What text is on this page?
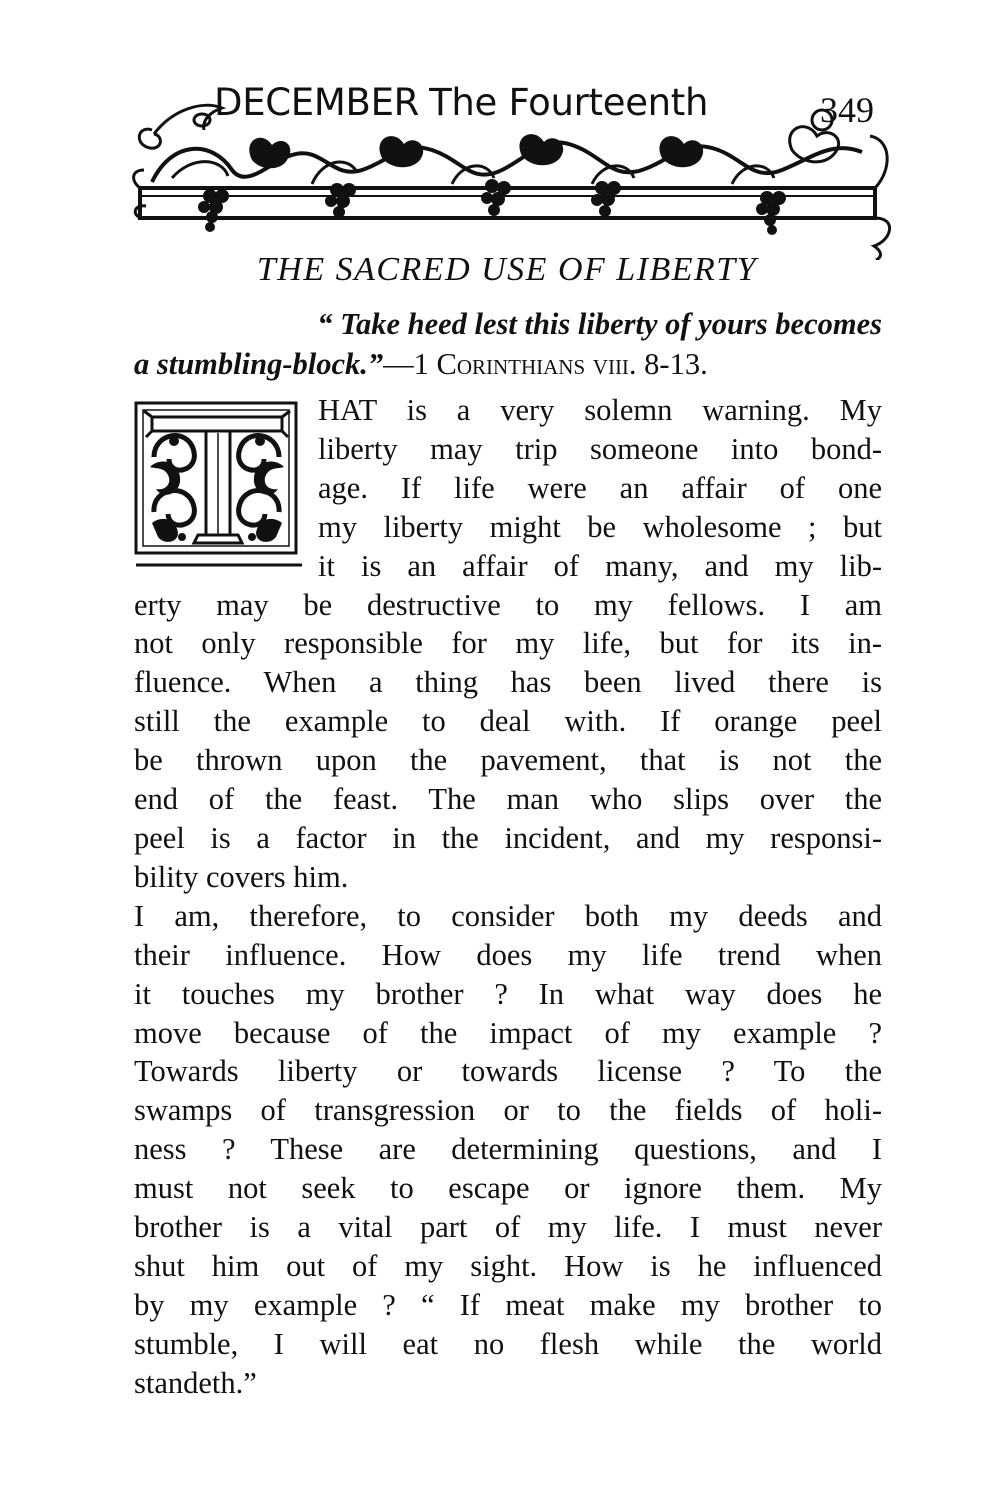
DECEMBER The Fourteenth	349
THE SACRED USE OF LIBERTY
“ Take heed lest this liberty of yours becomes
a stumbling-block.”—1 Corinthians viii. 8-13.
HAT is a very solemn warning. My
liberty may trip someone into bond-
age. If life were an affair of one
my liberty might be wholesome ; but
it is an affair of many, and my lib-
erty may be destructive to my fellows. I am
not only responsible for my life, but for its in-
fluence. When a thing has been lived there is
still the example to deal with. If orange peel
be thrown upon the pavement, that is not the
end of the feast. The man who slips over the
peel is a factor in the incident, and my responsi-
bility covers him.
I am, therefore, to consider both my deeds and
their influence. How does my life trend when
it touches my brother ? In what way does he
move because of the impact of my example ?
Towards liberty or towards license ? To the
swamps of transgression or to the fields of holi-
ness ? These are determining questions, and I
must not seek to escape or ignore them. My
brother is a vital part of my life. I must never
shut him out of my sight. How is he influenced
by my example ? “ If meat make my brother to
stumble, I will eat no flesh while the world
standeth.”
